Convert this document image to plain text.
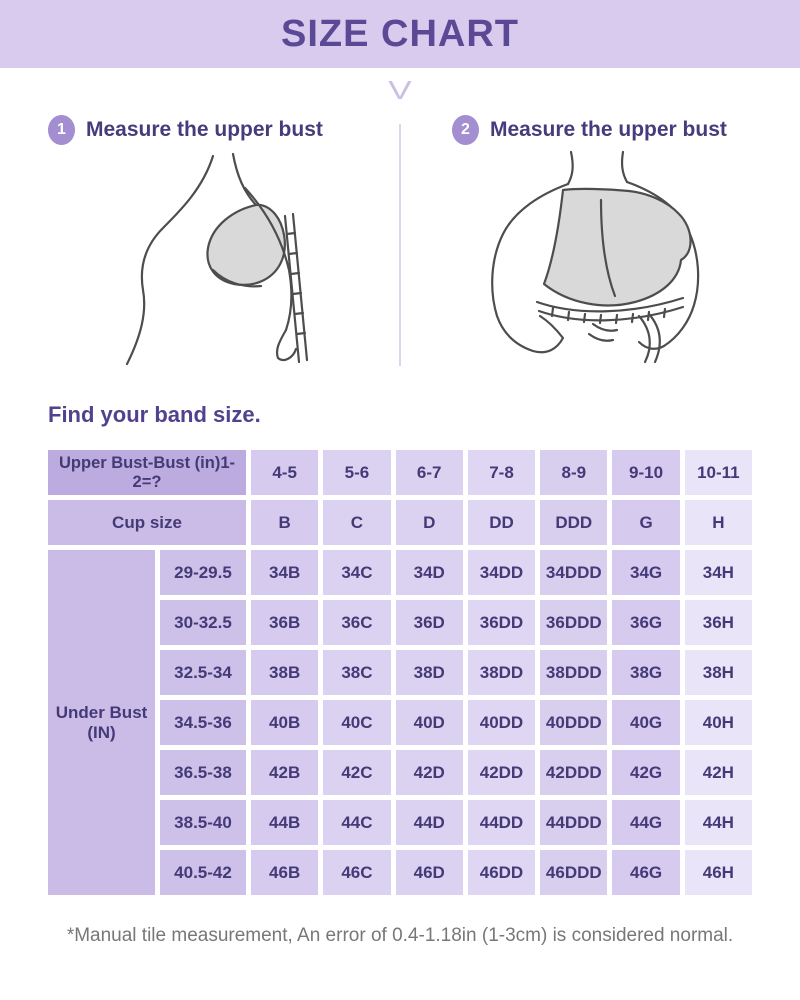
SIZE CHART
V
1 Measure the upper bust	2 Measure the upper bust
Find your band size.
Upper Bust-Bust (in)1-2=?	4-5	5-6	6-7	7-8	8-9	9-10	10-11
Cup size	B	C	D	DD	DDD	G	H
Under Bust
(IN)
29-29.5	34B	34C	34D	34DD	34DDD	34G	34H
30-32.5	36B	36C	36D	36DD	36DDD	36G	36H
32.5-34	38B	38C	38D	38DD	38DDD	38G	38H
34.5-36	40B	40C	40D	40DD	40DDD	40G	40H
36.5-38	42B	42C	42D	42DD	42DDD	42G	42H
38.5-40	44B	44C	44D	44DD	44DDD	44G	44H
40.5-42	46B	46C	46D	46DD	46DDD	46G	46H
*Manual tile measurement, An error of 0.4-1.18in (1-3cm) is considered normal.
